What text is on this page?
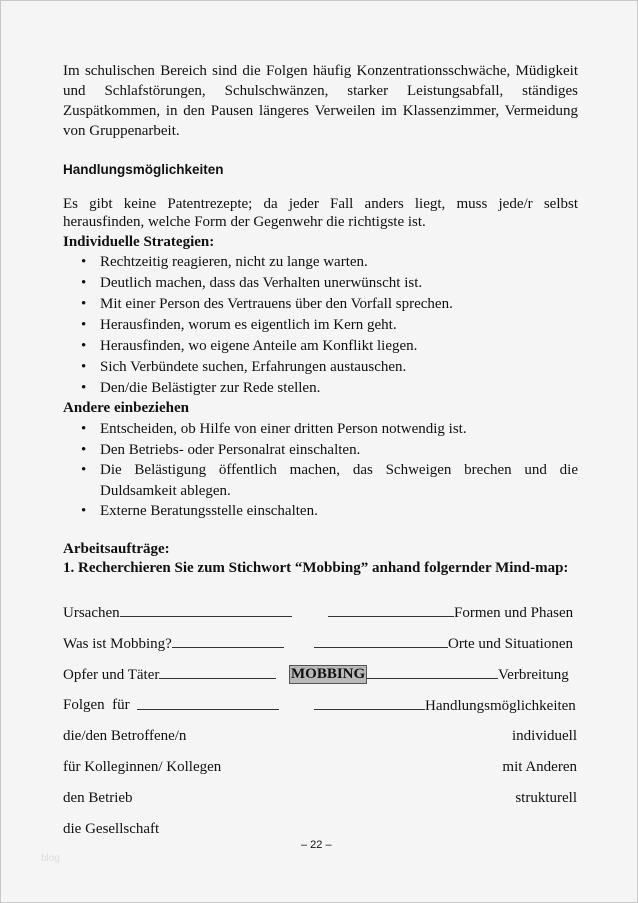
Im schulischen Bereich sind die Folgen häufig Konzentrationsschwäche, Müdigkeit
und Schlafstörungen, Schulschwänzen, starker Leistungsabfall, ständiges
Zuspätkommen, in den Pausen längeres Verweilen im Klassenzimmer, Vermeidung
von Gruppenarbeit.
Handlungsmöglichkeiten
Es gibt keine Patentrezepte; da jeder Fall anders liegt, muss jede/r selbst
herausfinden, welche Form der Gegenwehr die richtigste ist.
Individuelle Strategien:
• Rechtzeitig reagieren, nicht zu lange warten.
• Deutlich machen, dass das Verhalten unerwünscht ist.
• Mit einer Person des Vertrauens über den Vorfall sprechen.
• Herausfinden, worum es eigentlich im Kern geht.
• Herausfinden, wo eigene Anteile am Konflikt liegen.
• Sich Verbündete suchen, Erfahrungen austauschen.
• Den/die Belästigter zur Rede stellen.
Andere einbeziehen
• Entscheiden, ob Hilfe von einer dritten Person notwendig ist.
• Den Betriebs- oder Personalrat einschalten.
• Die Belästigung öffentlich machen, das Schweigen brechen und die
Duldsamkeit ablegen.
• Externe Beratungsstelle einschalten.
Arbeitsaufträge:
1. Recherchieren Sie zum Stichwort “Mobbing” anhand folgernder Mind-map:
Ursachen	Formen und Phasen
Was ist Mobbing?	Orte und Situationen
Opfer und Täter	MOBBING	Verbreitung
Folgen  für	Handlungsmöglichkeiten
die/den Betroffene/n	individuell
für Kolleginnen/ Kollegen	mit Anderen
den Betrieb	strukturell
die Gesellschaft
– 22 –
blog
